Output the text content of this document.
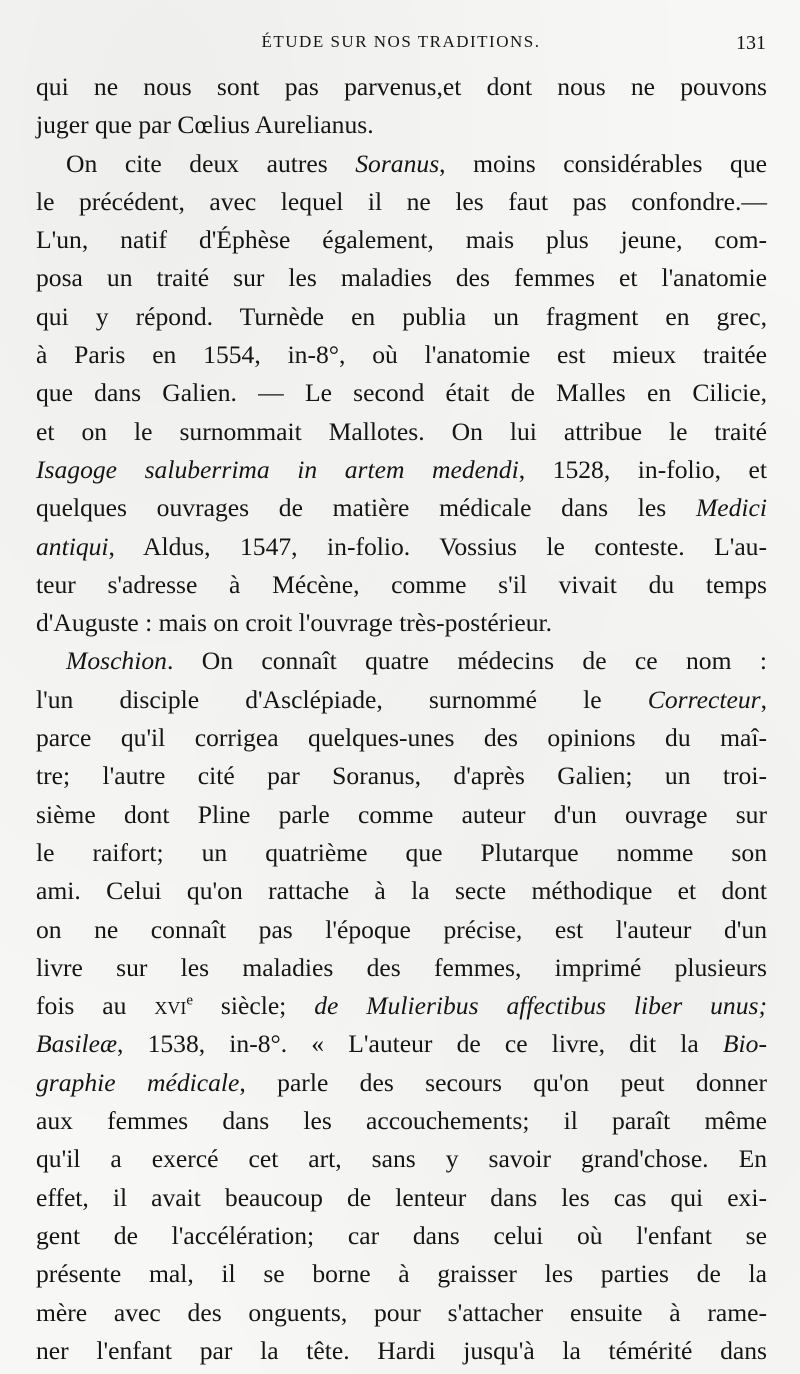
ÉTUDE SUR NOS TRADITIONS.	131
qui ne nous sont pas parvenus,et dont nous ne pouvons
juger que par Cœlius Aurelianus.
On cite deux autres Soranus, moins considérables que
le précédent, avec lequel il ne les faut pas confondre.—
L'un, natif d'Éphèse également, mais plus jeune, com-
posa un traité sur les maladies des femmes et l'anatomie
qui y répond. Turnède en publia un fragment en grec,
à Paris en 1554, in-8°, où l'anatomie est mieux traitée
que dans Galien. — Le second était de Malles en Cilicie,
et on le surnommait Mallotes. On lui attribue le traité
Isagoge saluberrima in artem medendi, 1528, in-folio, et
quelques ouvrages de matière médicale dans les Medici
antiqui, Aldus, 1547, in-folio. Vossius le conteste. L'au-
teur s'adresse à Mécène, comme s'il vivait du temps
d'Auguste : mais on croit l'ouvrage très-postérieur.
Moschion. On connaît quatre médecins de ce nom :
l'un disciple d'Asclépiade, surnommé le Correcteur,
parce qu'il corrigea quelques-unes des opinions du maî-
tre; l'autre cité par Soranus, d'après Galien; un troi-
sième dont Pline parle comme auteur d'un ouvrage sur
le raifort; un quatrième que Plutarque nomme son
ami. Celui qu'on rattache à la secte méthodique et dont
on ne connaît pas l'époque précise, est l'auteur d'un
livre sur les maladies des femmes, imprimé plusieurs
fois au xvi$^e$ siècle; de Mulieribus affectibus liber unus;
Basileæ, 1538, in-8°. « L'auteur de ce livre, dit la Bio-
graphie médicale, parle des secours qu'on peut donner
aux femmes dans les accouchements; il paraît même
qu'il a exercé cet art, sans y savoir grand'chose. En
effet, il avait beaucoup de lenteur dans les cas qui exi-
gent de l'accélération; car dans celui où l'enfant se
présente mal, il se borne à graisser les parties de la
mère avec des onguents, pour s'attacher ensuite à rame-
ner l'enfant par la tête. Hardi jusqu'à la témérité dans
